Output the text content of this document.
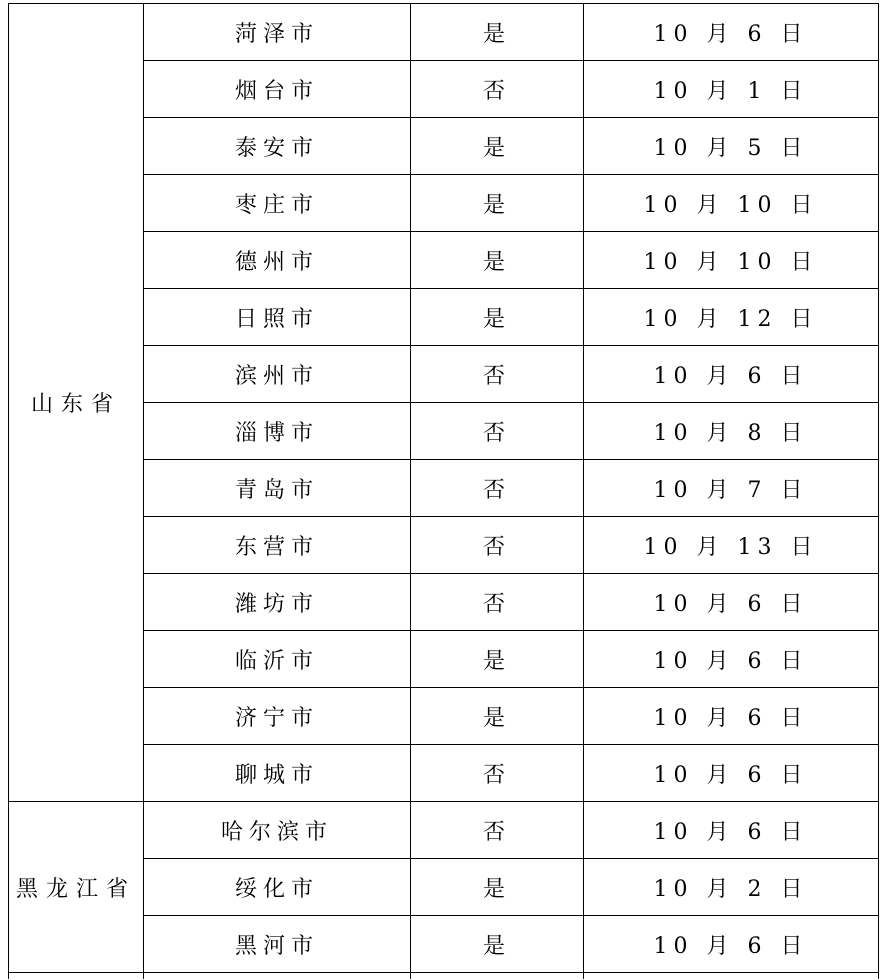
山东省	菏泽市	是	10 月 6 日
	烟台市	否	10 月 1 日
	泰安市	是	10 月 5 日
	枣庄市	是	10 月 10 日
	德州市	是	10 月 10 日
	日照市	是	10 月 12 日
	滨州市	否	10 月 6 日
	淄博市	否	10 月 8 日
	青岛市	否	10 月 7 日
	东营市	否	10 月 13 日
	潍坊市	否	10 月 6 日
	临沂市	是	10 月 6 日
	济宁市	是	10 月 6 日
	聊城市	否	10 月 6 日
黑龙江省	哈尔滨市	否	10 月 6 日
	绥化市	是	10 月 2 日
	黑河市	是	10 月 6 日
